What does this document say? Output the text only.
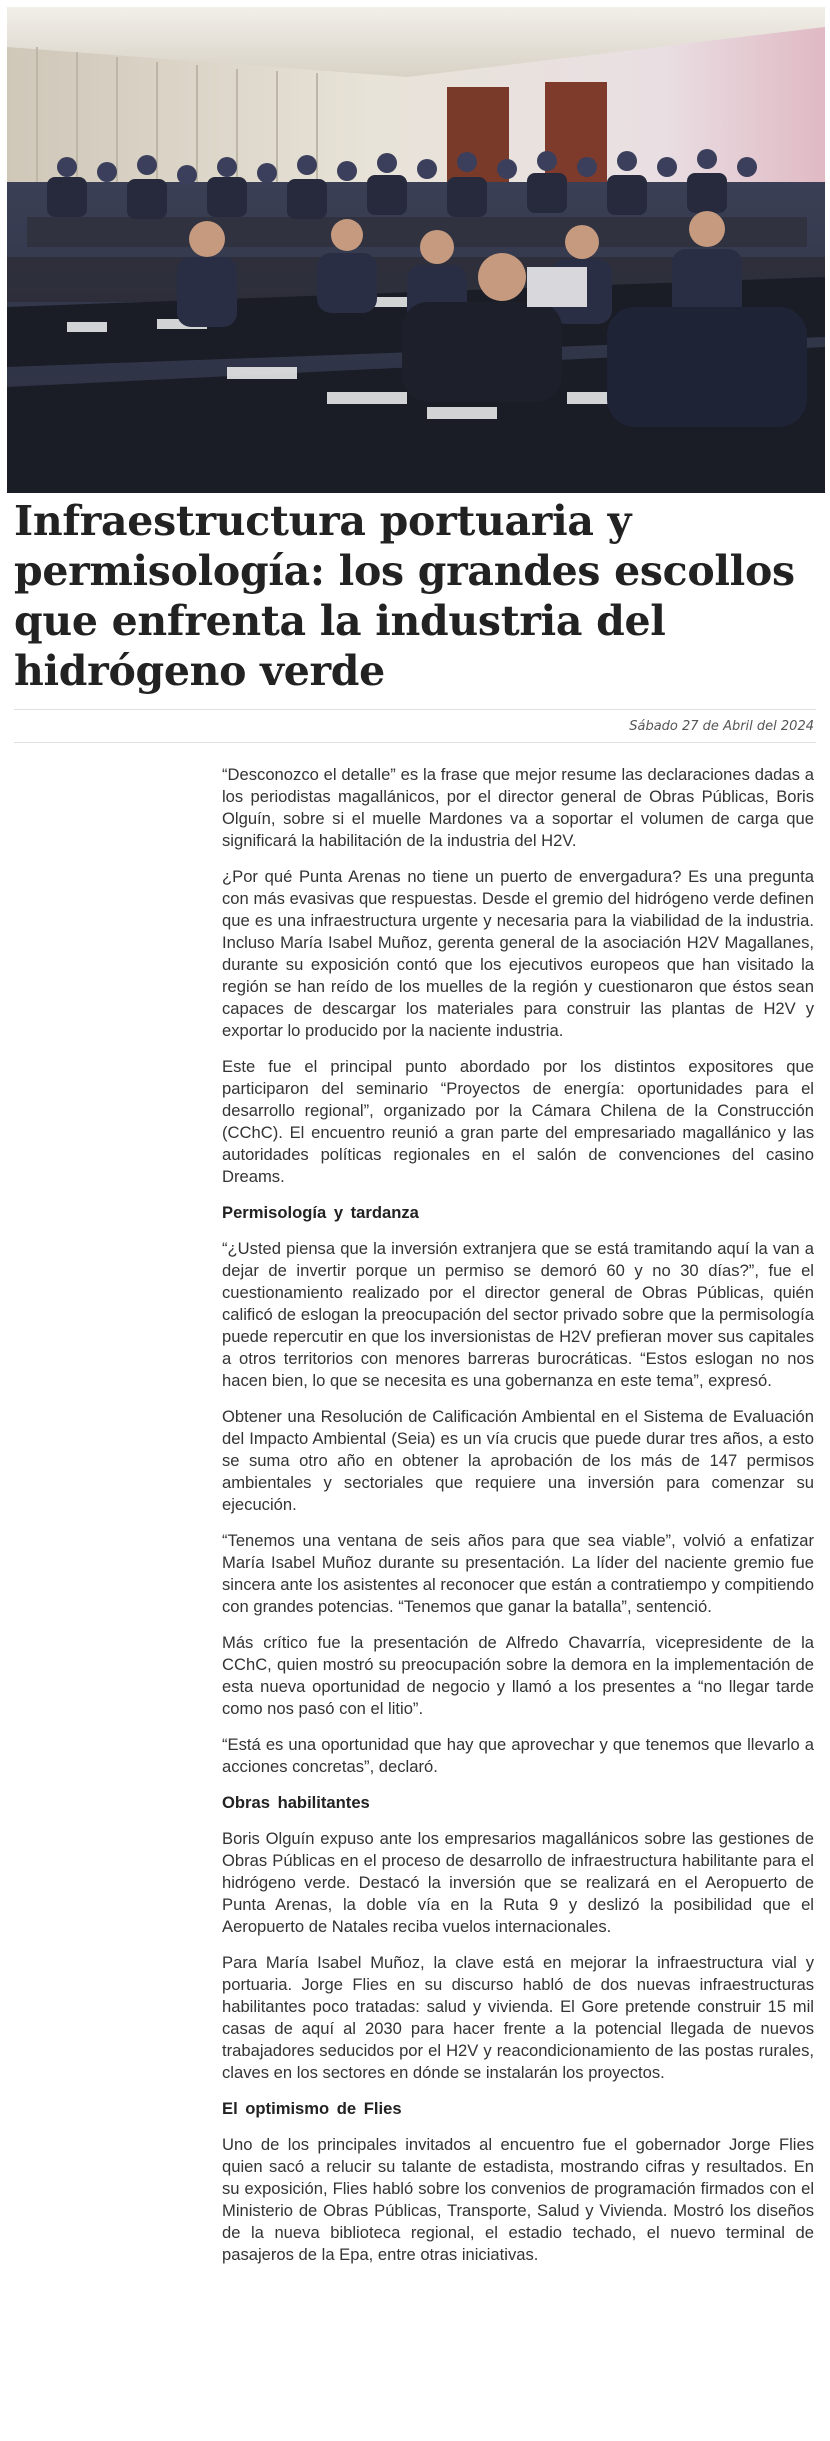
Infraestructura portuaria y permisología: los grandes escollos que enfrenta la industria del hidrógeno verde
Sábado 27 de Abril del 2024

“Desconozco el detalle” es la frase que mejor resume las declaraciones dadas a los periodistas magallánicos, por el director general de Obras Públicas, Boris Olguín, sobre si el muelle Mardones va a soportar el volumen de carga que significará la habilitación de la industria del H2V.

¿Por qué Punta Arenas no tiene un puerto de envergadura? Es una pregunta con más evasivas que respuestas. Desde el gremio del hidrógeno verde definen que es una infraestructura urgente y necesaria para la viabilidad de la industria. Incluso María Isabel Muñoz, gerenta general de la asociación H2V Magallanes, durante su exposición contó que los ejecutivos europeos que han visitado la región se han reído de los muelles de la región y cuestionaron que éstos sean capaces de descargar los materiales para construir las plantas de H2V y exportar lo producido por la naciente industria.

Este fue el principal punto abordado por los distintos expositores que participaron del seminario “Proyectos de energía: oportunidades para el desarrollo regional”, organizado por la Cámara Chilena de la Construcción (CChC). El encuentro reunió a gran parte del empresariado magallánico y las autoridades políticas regionales en el salón de convenciones del casino Dreams.

Permisología y tardanza

“¿Usted piensa que la inversión extranjera que se está tramitando aquí la van a dejar de invertir porque un permiso se demoró 60 y no 30 días?”, fue el cuestionamiento realizado por el director general de Obras Públicas, quién calificó de eslogan la preocupación del sector privado sobre que la permisología puede repercutir en que los inversionistas de H2V prefieran mover sus capitales a otros territorios con menores barreras burocráticas. “Estos eslogan no nos hacen bien, lo que se necesita es una gobernanza en este tema”, expresó.

Obtener una Resolución de Calificación Ambiental en el Sistema de Evaluación del Impacto Ambiental (Seia) es un vía crucis que puede durar tres años, a esto se suma otro año en obtener la aprobación de los más de 147 permisos ambientales y sectoriales que requiere una inversión para comenzar su ejecución.

“Tenemos una ventana de seis años para que sea viable”, volvió a enfatizar María Isabel Muñoz durante su presentación. La líder del naciente gremio fue sincera ante los asistentes al reconocer que están a contratiempo y compitiendo con grandes potencias. “Tenemos que ganar la batalla”, sentenció.

Más crítico fue la presentación de Alfredo Chavarría, vicepresidente de la CChC, quien mostró su preocupación sobre la demora en la implementación de esta nueva oportunidad de negocio y llamó a los presentes a “no llegar tarde como nos pasó con el litio”.

“Está es una oportunidad que hay que aprovechar y que tenemos que llevarlo a acciones concretas”, declaró.

Obras habilitantes

Boris Olguín expuso ante los empresarios magallánicos sobre las gestiones de Obras Públicas en el proceso de desarrollo de infraestructura habilitante para el hidrógeno verde. Destacó la inversión que se realizará en el Aeropuerto de Punta Arenas, la doble vía en la Ruta 9 y deslizó la posibilidad que el Aeropuerto de Natales reciba vuelos internacionales.

Para María Isabel Muñoz, la clave está en mejorar la infraestructura vial y portuaria. Jorge Flies en su discurso habló de dos nuevas infraestructuras habilitantes poco tratadas: salud y vivienda. El Gore pretende construir 15 mil casas de aquí al 2030 para hacer frente a la potencial llegada de nuevos trabajadores seducidos por el H2V y reacondicionamiento de las postas rurales, claves en los sectores en dónde se instalarán los proyectos.

El optimismo de Flies

Uno de los principales invitados al encuentro fue el gobernador Jorge Flies quien sacó a relucir su talante de estadista, mostrando cifras y resultados. En su exposición, Flies habló sobre los convenios de programación firmados con el Ministerio de Obras Públicas, Transporte, Salud y Vivienda. Mostró los diseños de la nueva biblioteca regional, el estadio techado, el nuevo terminal de pasajeros de la Epa, entre otras iniciativas.
